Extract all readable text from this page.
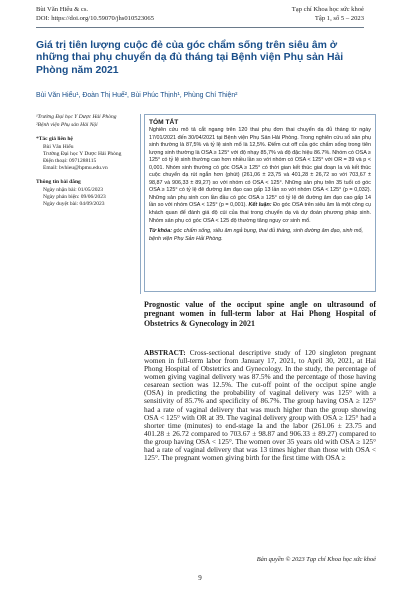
Bùi Văn Hiểu & cs.
DOI: https://doi.org/10.59070/jhs010523065
Tạp chí Khoa học sức khoẻ
Tập 1, số 5 – 2023
Giá trị tiên lượng cuộc đẻ của góc chẩm sống trên siêu âm ở những thai phụ chuyển dạ đủ tháng tại Bệnh viện Phụ sản Hải Phòng năm 2021
Bùi Văn Hiểu¹, Đoàn Thị Huế², Bùi Phúc Thịnh¹, Phùng Chí Thiện²
¹Trường Đại học Y Dược Hải Phòng
²Bệnh viện Phụ sản Hải Nội
*Tác giả liên hệ
Bùi Văn Hiểu
Trường Đại học Y Dược Hải Phòng
Điện thoại: 0971288115
Email: bvhieu@hpmu.edu.vn
Thông tin bài đăng
Ngày nhận bài: 01/05/2023
Ngày phản biện: 09/06/2023
Ngày duyệt bài: 04/09/2023
TÓM TẮT
Nghiên cứu mô tả cắt ngang trên 120 thai phụ đơn thai chuyển dạ đủ tháng từ ngày 17/01/2021 đến 30/04/2021 tại Bệnh viện Phụ Sản Hải Phòng. Trong nghiên cứu số sản phụ sinh thường là 87,5% và tỷ lệ sinh mổ là 12,5%. Điểm cut off của góc chẩm sống trong tiên lượng sinh thường là OSA ≥ 125° với độ nhạy 85,7% và độ đặc hiệu 86.7%. Nhóm có OSA ≥ 125° có tỷ lệ sinh thường cao hơn nhiều lần so với nhóm có OSA < 125° với OR = 39 và p < 0,001. Nhóm sinh thường có góc OSA ≥ 125° có thời gian kết thúc giai đoạn Ia và kết thúc cuộc chuyển dạ rút ngắn hơn (phút) (261,06 ± 23,75 và 401,28 ± 26,72 so với 703,67 ± 98,87 và 906,33 ± 89,27) so với nhóm có OSA < 125°. Những sản phụ trên 35 tuổi có góc OSA ≥ 125° có tỷ lệ đẻ đường âm đạo cao gấp 13 lần so với nhóm OSA < 125° (p = 0,032). Những sản phụ sinh con lần đầu có góc OSA ≥ 125° có tỷ lệ đẻ đường âm đạo cao gấp 14 lần so với nhóm OSA < 125° (p = 0,001). Kết luận: Đo góc OSA trên siêu âm là một công cụ khách quan để đánh giá độ cúi của thai trong chuyển dạ và dự đoán phương pháp sinh. Nhóm sản phụ có góc OSA < 125 độ thường tăng nguy cơ sinh mổ.
Từ khóa: góc chẩm sống, siêu âm ngả bụng, thai đủ tháng, sinh đường âm đạo, sinh mổ, bệnh viện Phụ Sản Hải Phòng.
Prognostic value of the occiput spine angle on ultrasound of pregnant women in full-term labor at Hai Phong Hospital of Obstetrics & Gynecology in 2021
ABSTRACT: Cross-sectional descriptive study of 120 singleton pregnant women in full-term labor from January 17, 2021, to April 30, 2021, at Hai Phong Hospital of Obstetrics and Gynecology. In the study, the percentage of women giving vaginal delivery was 87.5% and the percentage of those having cesarean section was 12.5%. The cut-off point of the occiput spine angle (OSA) in predicting the probability of vaginal delivery was 125° with a sensitivity of 85.7% and specificity of 86.7%. The group having OSA ≥ 125° had a rate of vaginal delivery that was much higher than the group showing OSA < 125° with OR at 39. The vaginal delivery group with OSA ≥ 125° had a shorter time (minutes) to end-stage Ia and the labor (261.06 ± 23.75 and 401.28 ± 26.72 compared to 703.67 ± 98.87 and 906.33 ± 89.27) compared to the group having OSA < 125°. The women over 35 years old with OSA ≥ 125° had a rate of vaginal delivery that was 13 times higher than those with OSA < 125°. The pregnant women giving birth for the first time with OSA ≥
Bản quyền © 2023 Tạp chí Khoa học sức khoẻ
9
